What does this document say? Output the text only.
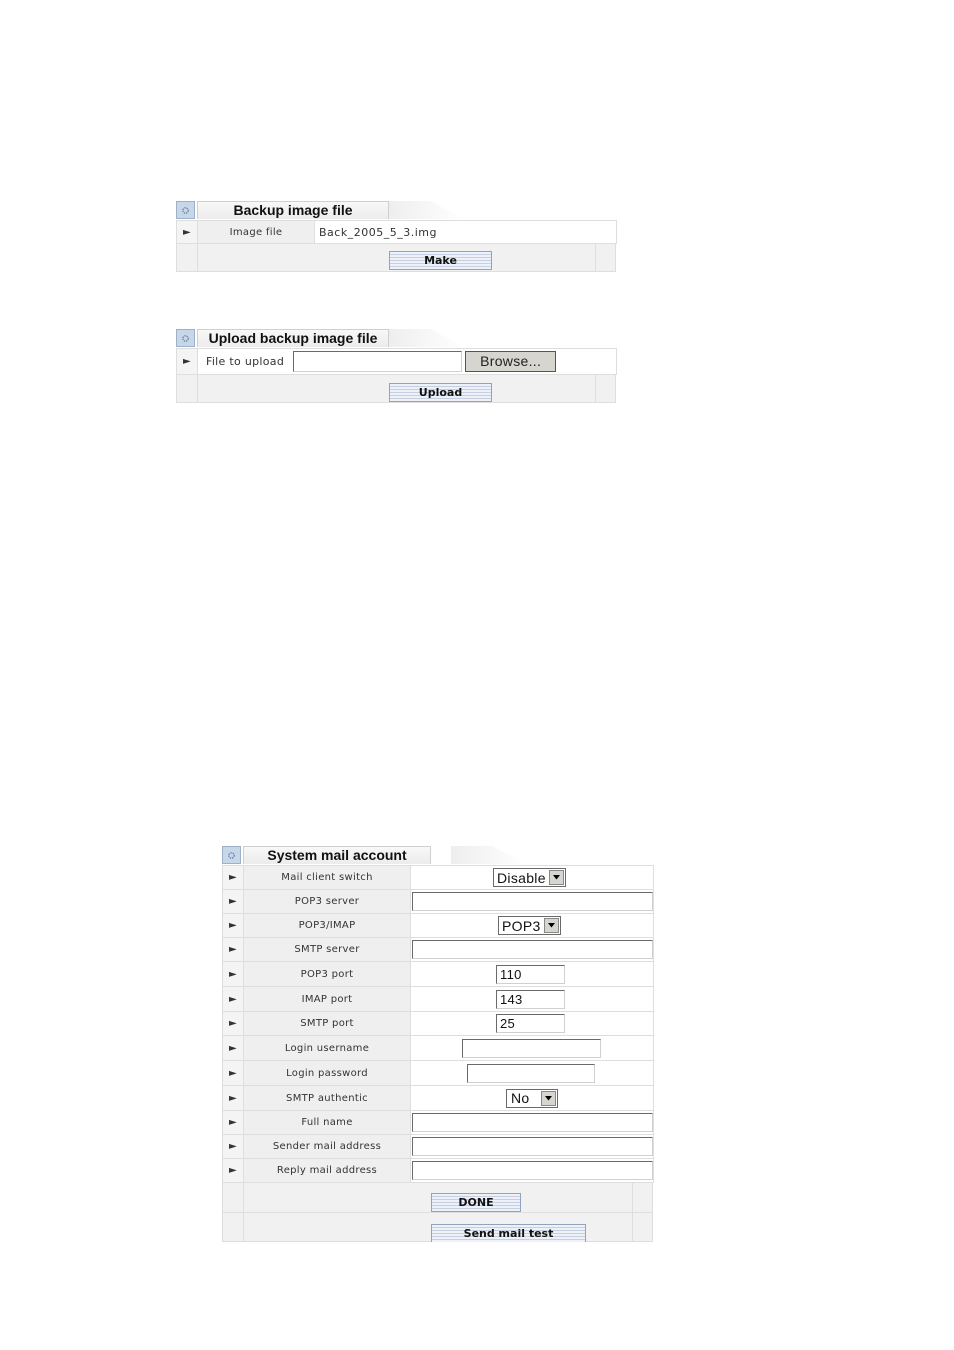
Backup image file
►	Image file	Back_2005_5_3.img
Make
Upload backup image file
►	File to upload	Browse...
Upload
System mail account
►	Mail client switch	Disable

►	POP3 server	

►	POP3/IMAP	POP3

►	SMTP server	

►	POP3 port	110

►	IMAP port	143

►	SMTP port	25

►	Login username	

►	Login password	

►	SMTP authentic	No

►	Full name	

►	Sender mail address	

►	Reply mail address	
DONE
Send mail test
